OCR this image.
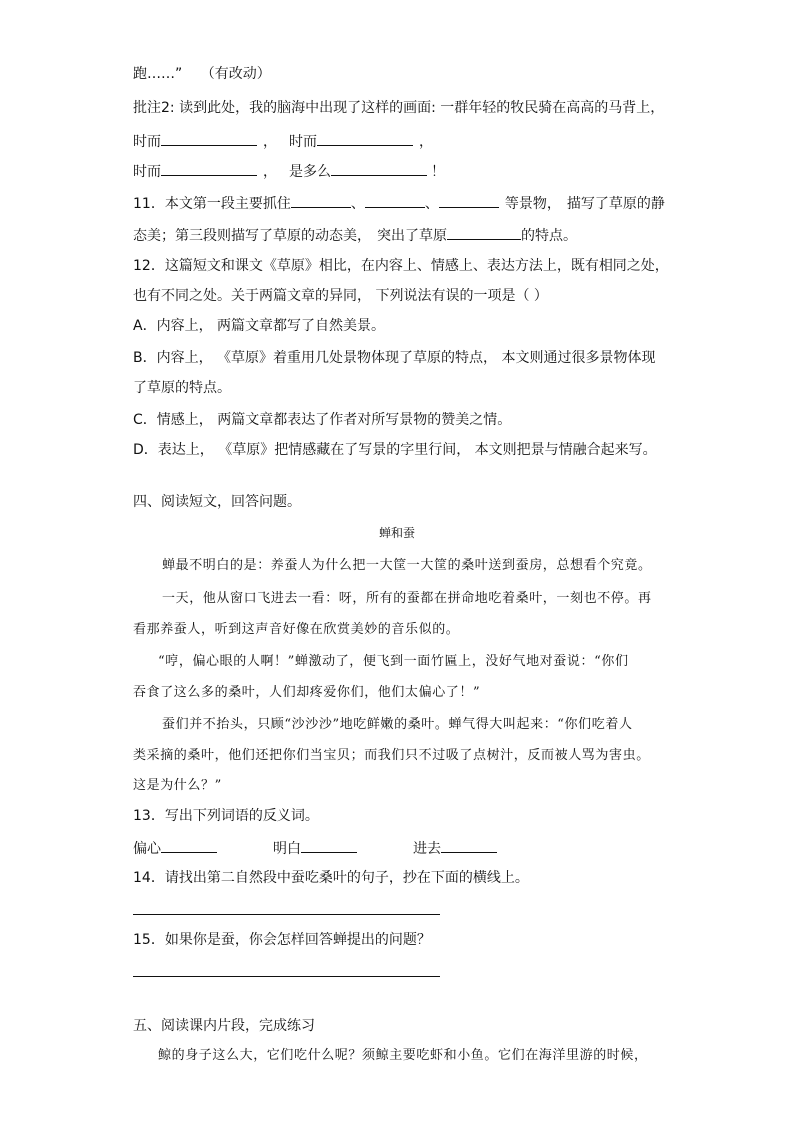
跑……” （有改动）
批注2: 读到此处，我的脑海中出现了这样的画面: 一群年轻的牧民骑在高高的马背上，
时而	， 时而	，
时而	， 是多么	！
11．本文第一段主要抓住	、	、	等景物， 描写了草原的静
态美；第三段则描写了草原的动态美， 突出了草原	的特点。
12．这篇短文和课文《草原》相比，在内容上、情感上、表达方法上，既有相同之处，
也有不同之处。关于两篇文章的异同， 下列说法有误的一项是（ ）
A．内容上， 两篇文章都写了自然美景。
B．内容上， 《草原》着重用几处景物体现了草原的特点， 本文则通过很多景物体现
了草原的特点。
C．情感上， 两篇文章都表达了作者对所写景物的赞美之情。
D．表达上， 《草原》把情感藏在了写景的字里行间， 本文则把景与情融合起来写。
四、阅读短文，回答问题。
蝉和蚕
蝉最不明白的是：养蚕人为什么把一大筐一大筐的桑叶送到蚕房，总想看个究竟。
一天，他从窗口飞进去一看：呀，所有的蚕都在拼命地吃着桑叶，一刻也不停。再
看那养蚕人，听到这声音好像在欣赏美妙的音乐似的。
“哼，偏心眼的人啊！”蝉激动了，便飞到一面竹匾上，没好气地对蚕说：“你们
吞食了这么多的桑叶，人们却疼爱你们，他们太偏心了！”
蚕们并不抬头，只顾“沙沙沙”地吃鲜嫩的桑叶。蝉气得大叫起来：“你们吃着人
类采摘的桑叶，他们还把你们当宝贝；而我们只不过吸了点树汁，反而被人骂为害虫。
这是为什么？”
13．写出下列词语的反义词。
偏心	明白	进去
14．请找出第二自然段中蚕吃桑叶的句子，抄在下面的横线上。
15．如果你是蚕，你会怎样回答蝉提出的问题？
五、阅读课内片段，完成练习
鲸的身子这么大，它们吃什么呢？须鲸主要吃虾和小鱼。它们在海洋里游的时候，
